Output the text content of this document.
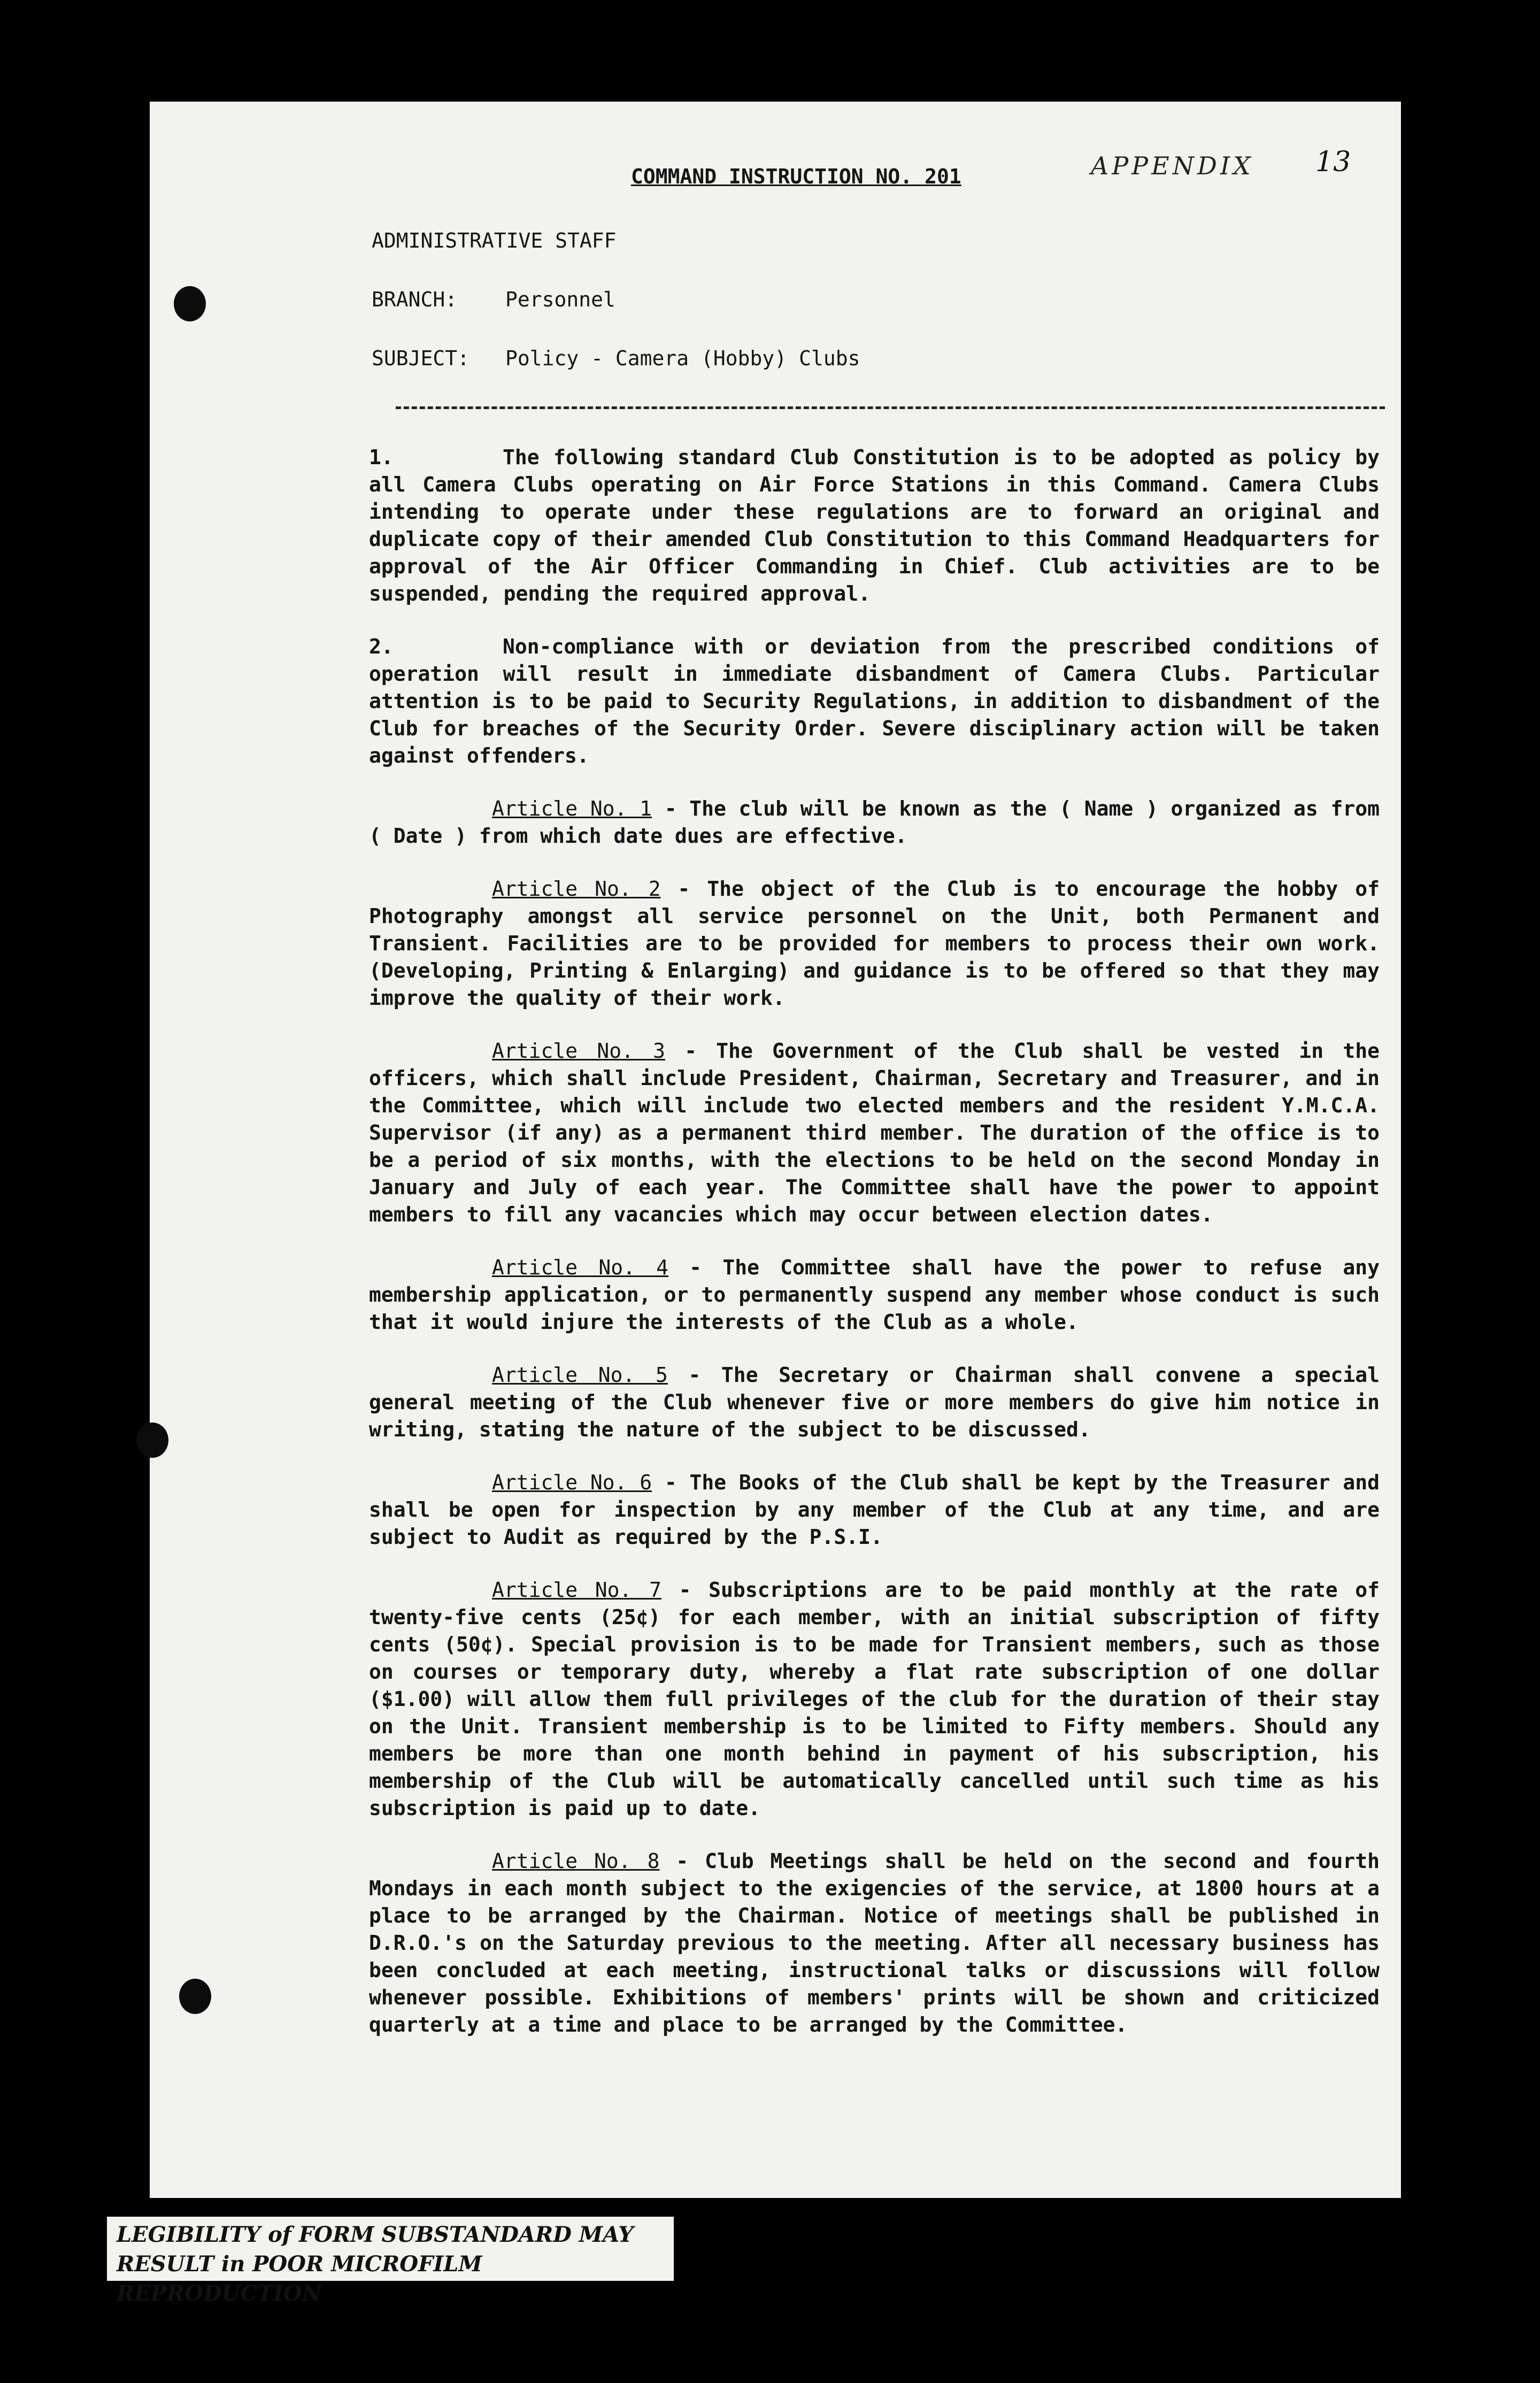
COMMAND INSTRUCTION NO. 201	APPENDIX 13
ADMINISTRATIVE STAFF
BRANCH: Personnel
SUBJECT: Policy - Camera (Hobby) Clubs

1.	The following standard Club Constitution is to be adopted as policy by all Camera Clubs operating on Air Force Stations in this Command. Camera Clubs intending to operate under these regulations are to forward an original and duplicate copy of their amended Club Constitution to this Command Headquarters for approval of the Air Officer Commanding in Chief. Club activities are to be suspended, pending the required approval.

2.	Non-compliance with or deviation from the prescribed conditions of operation will result in immediate disbandment of Camera Clubs. Particular attention is to be paid to Security Regulations, in addition to disbandment of the Club for breaches of the Security Order. Severe disciplinary action will be taken against offenders.

Article No. 1 - The club will be known as the ( Name ) organized as from ( Date ) from which date dues are effective.

Article No. 2 - The object of the Club is to encourage the hobby of Photography amongst all service personnel on the Unit, both Permanent and Transient. Facilities are to be provided for members to process their own work. (Developing, Printing & Enlarging) and guidance is to be offered so that they may improve the quality of their work.

Article No. 3 - The Government of the Club shall be vested in the officers, which shall include President, Chairman, Secretary and Treasurer, and in the Committee, which will include two elected members and the resident Y.M.C.A. Supervisor (if any) as a permanent third member. The duration of the office is to be a period of six months, with the elections to be held on the second Monday in January and July of each year. The Committee shall have the power to appoint members to fill any vacancies which may occur between election dates.

Article No. 4 - The Committee shall have the power to refuse any membership application, or to permanently suspend any member whose conduct is such that it would injure the interests of the Club as a whole.

Article No. 5 - The Secretary or Chairman shall convene a special general meeting of the Club whenever five or more members do give him notice in writing, stating the nature of the subject to be discussed.

Article No. 6 - The Books of the Club shall be kept by the Treasurer and shall be open for inspection by any member of the Club at any time, and are subject to Audit as required by the P.S.I.

Article No. 7 - Subscriptions are to be paid monthly at the rate of twenty-five cents (25¢) for each member, with an initial subscription of fifty cents (50¢). Special provision is to be made for Transient members, such as those on courses or temporary duty, whereby a flat rate subscription of one dollar ($1.00) will allow them full privileges of the club for the duration of their stay on the Unit. Transient membership is to be limited to Fifty members. Should any members be more than one month behind in payment of his subscription, his membership of the Club will be automatically cancelled until such time as his subscription is paid up to date.

Article No. 8 - Club Meetings shall be held on the second and fourth Mondays in each month subject to the exigencies of the service, at 1800 hours at a place to be arranged by the Chairman. Notice of meetings shall be published in D.R.O.'s on the Saturday previous to the meeting. After all necessary business has been concluded at each meeting, instructional talks or discussions will follow whenever possible. Exhibitions of members' prints will be shown and criticized quarterly at a time and place to be arranged by the Committee.

LEGIBILITY of FORM SUBSTANDARD MAY
RESULT in POOR MICROFILM REPRODUCTION
